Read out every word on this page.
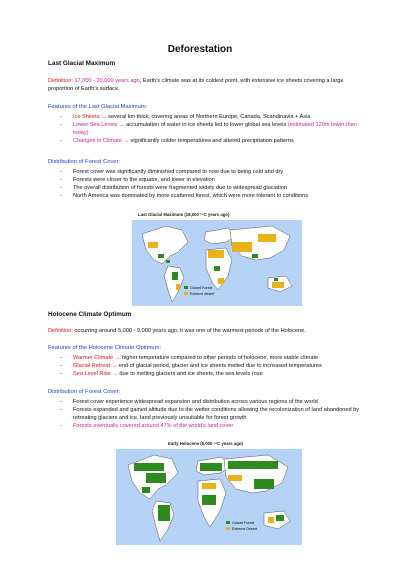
Deforestation
Last Glacial Maximum
Definition: 17,000 - 20,000 years ago, Earth's climate was at its coldest point, with extensive ice sheets covering a large proportion of Earth's surface.
Features of the Last Glacial Maximum:
- Ice Sheets → several km thick, covering areas of Northern Europe, Canada, Scandinavia + Asia
- Lower Sea Levels → accumulation of water in ice sheets led to lower global sea levels (estimated 120m lower than today)
- Changes in Climate → significantly colder temperatures and altered precipitation patterns
Distribution of Forest Cover:
- Forest cover was significantly diminished compared to now due to being cold and dry
- Forests were closer to the equator, and lower in elevation
- The overall distribution of forests were fragmented widely due to widespread glaciation
- North America was dominated by more scattered forest, which were more tolerant to conditions
Last Glacial Maximum (18,000 ¹⁴C years ago)
Closed Forest
Extreme desert
Holocene Climate Optimum
Definition: occurring around 5,000 - 9,000 years ago, it was one of the warmest periods of the Holocene.
Features of the Holocene Climate Optimum:
- Warmer Climate → higher temperature compared to other periods of holocene, more stable climate
- Glacial Retreat → end of glacial period, glacier and ice sheets melted due to increased temperatures
- Sea Level Rise → due to melting glaciers and ice sheets, the sea levels rose
Distribution of Forest Cover:
- Forest cover experience widespread expansion and distribution across various regions of the world
- Forests expanded and gained altitude due to the wetter conditions allowing the recolonization of land abandoned by retreating glaciers and ice, land previously unsuitable for forest growth
- Forests eventually covered around 47% of the world's land cover
Early Holocene (8,000 ¹⁴C years ago)
Closed Forest
Extreme Desert
